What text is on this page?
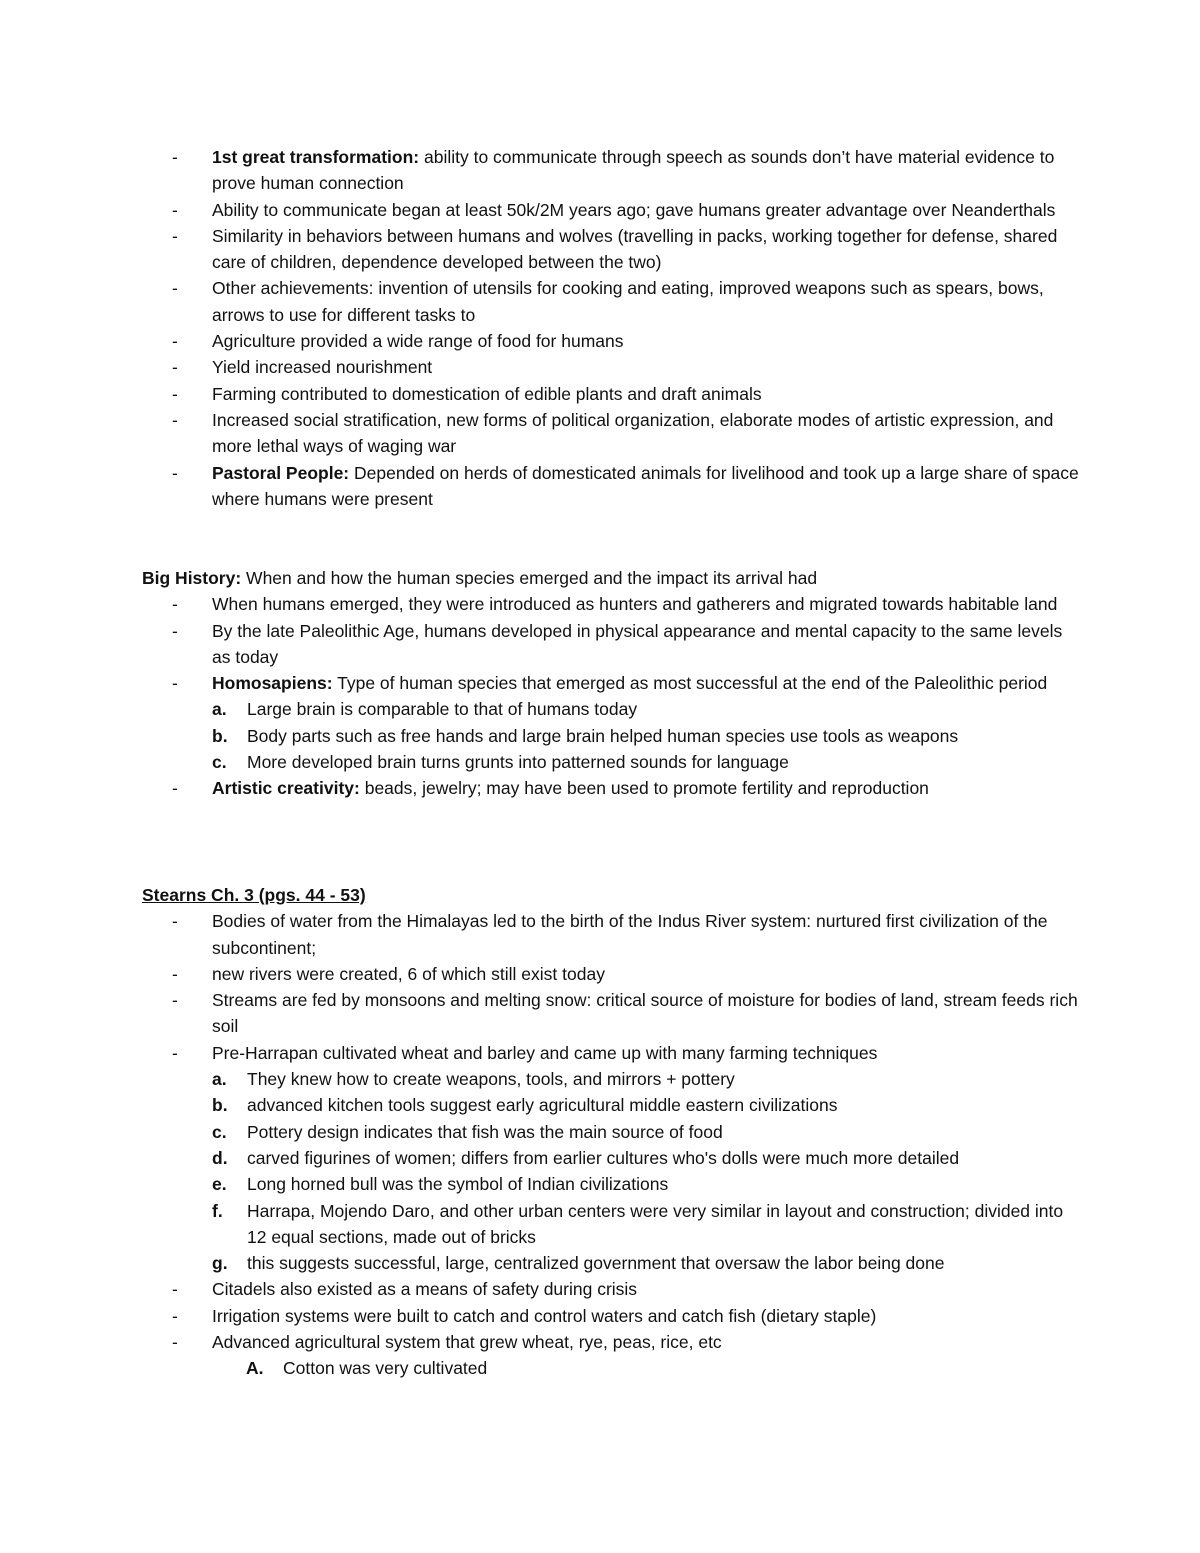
- 1st great transformation: ability to communicate through speech as sounds don’t have material evidence to prove human connection
- Ability to communicate began at least 50k/2M years ago; gave humans greater advantage over Neanderthals
- Similarity in behaviors between humans and wolves (travelling in packs, working together for defense, shared care of children, dependence developed between the two)
- Other achievements: invention of utensils for cooking and eating, improved weapons such as spears, bows, arrows to use for different tasks to
- Agriculture provided a wide range of food for humans
- Yield increased nourishment
- Farming contributed to domestication of edible plants and draft animals
- Increased social stratification, new forms of political organization, elaborate modes of artistic expression, and more lethal ways of waging war
- Pastoral People: Depended on herds of domesticated animals for livelihood and took up a large share of space where humans were present
Big History: When and how the human species emerged and the impact its arrival had
- When humans emerged, they were introduced as hunters and gatherers and migrated towards habitable land
- By the late Paleolithic Age, humans developed in physical appearance and mental capacity to the same levels as today
- Homosapiens: Type of human species that emerged as most successful at the end of the Paleolithic period
a. Large brain is comparable to that of humans today
b. Body parts such as free hands and large brain helped human species use tools as weapons
c. More developed brain turns grunts into patterned sounds for language
- Artistic creativity: beads, jewelry; may have been used to promote fertility and reproduction
Stearns Ch. 3 (pgs. 44 - 53)
- Bodies of water from the Himalayas led to the birth of the Indus River system: nurtured first civilization of the subcontinent;
- new rivers were created, 6 of which still exist today
- Streams are fed by monsoons and melting snow: critical source of moisture for bodies of land, stream feeds rich soil
- Pre-Harrapan cultivated wheat and barley and came up with many farming techniques
a. They knew how to create weapons, tools, and mirrors + pottery
b. advanced kitchen tools suggest early agricultural middle eastern civilizations
c. Pottery design indicates that fish was the main source of food
d. carved figurines of women; differs from earlier cultures who's dolls were much more detailed
e. Long horned bull was the symbol of Indian civilizations
f. Harrapa, Mojendo Daro, and other urban centers were very similar in layout and construction; divided into 12 equal sections, made out of bricks
g. this suggests successful, large, centralized government that oversaw the labor being done
- Citadels also existed as a means of safety during crisis
- Irrigation systems were built to catch and control waters and catch fish (dietary staple)
- Advanced agricultural system that grew wheat, rye, peas, rice, etc
A. Cotton was very cultivated
